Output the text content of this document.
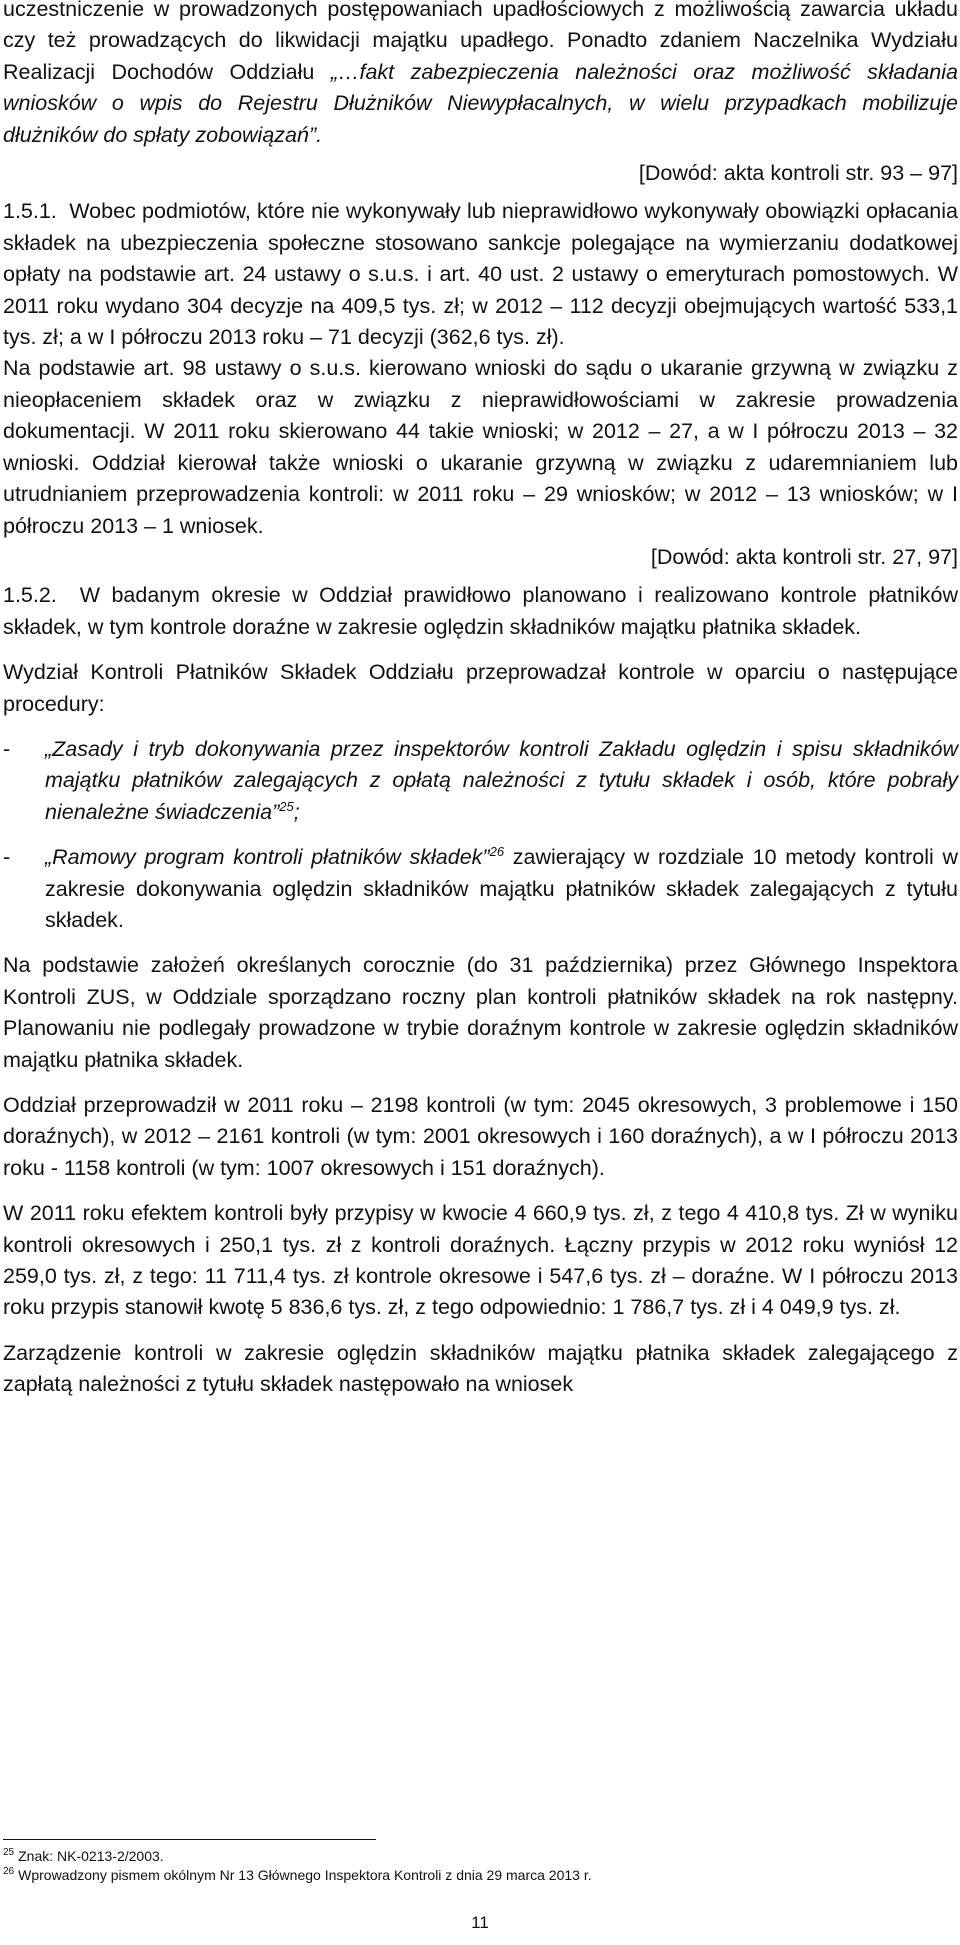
uczestniczenie w prowadzonych postępowaniach upadłościowych z możliwością zawarcia układu czy też prowadzących do likwidacji majątku upadłego. Ponadto zdaniem Naczelnika Wydziału Realizacji Dochodów Oddziału „…fakt zabezpieczenia należności oraz możliwość składania wniosków o wpis do Rejestru Dłużników Niewypłacalnych, w wielu przypadkach mobilizuje dłużników do spłaty zobowiązań”.

[Dowód: akta kontroli str. 93 – 97]

1.5.1. Wobec podmiotów, które nie wykonywały lub nieprawidłowo wykonywały obowiązki opłacania składek na ubezpieczenia społeczne stosowano sankcje polegające na wymierzaniu dodatkowej opłaty na podstawie art. 24 ustawy o s.u.s. i art. 40 ust. 2 ustawy o emeryturach pomostowych. W 2011 roku wydano 304 decyzje na 409,5 tys. zł; w 2012 – 112 decyzji obejmujących wartość 533,1 tys. zł; a w I półroczu 2013 roku – 71 decyzji (362,6 tys. zł).

Na podstawie art. 98 ustawy o s.u.s. kierowano wnioski do sądu o ukaranie grzywną w związku z nieopłaceniem składek oraz w związku z nieprawidłowościami w zakresie prowadzenia dokumentacji. W 2011 roku skierowano 44 takie wnioski; w 2012 – 27, a w I półroczu 2013 – 32 wnioski. Oddział kierował także wnioski o ukaranie grzywną w związku z udaremnianiem lub utrudnianiem przeprowadzenia kontroli: w 2011 roku – 29 wniosków; w 2012 – 13 wniosków; w I półroczu 2013 – 1 wniosek.

[Dowód: akta kontroli str. 27, 97]

1.5.2. W badanym okresie w Oddział prawidłowo planowano i realizowano kontrole płatników składek, w tym kontrole doraźne w zakresie oględzin składników majątku płatnika składek.

Wydział Kontroli Płatników Składek Oddziału przeprowadzał kontrole w oparciu o następujące procedury:

-	„Zasady i tryb dokonywania przez inspektorów kontroli Zakładu oględzin i spisu składników majątku płatników zalegających z opłatą należności z tytułu składek i osób, które pobrały nienależne świadczenia”$^{25}$;
-	„Ramowy program kontroli płatników składek”$^{26}$ zawierający w rozdziale 10 metody kontroli w zakresie dokonywania oględzin składników majątku płatników składek zalegających z tytułu składek.

Na podstawie założeń określanych corocznie (do 31 października) przez Głównego Inspektora Kontroli ZUS, w Oddziale sporządzano roczny plan kontroli płatników składek na rok następny. Planowaniu nie podlegały prowadzone w trybie doraźnym kontrole w zakresie oględzin składników majątku płatnika składek.

Oddział przeprowadził w 2011 roku – 2198 kontroli (w tym: 2045 okresowych, 3 problemowe i 150 doraźnych), w 2012 – 2161 kontroli (w tym: 2001 okresowych i 160 doraźnych), a w I półroczu 2013 roku - 1158 kontroli (w tym: 1007 okresowych i 151 doraźnych).

W 2011 roku efektem kontroli były przypisy w kwocie 4 660,9 tys. zł, z tego 4 410,8 tys. Zł w wyniku kontroli okresowych i 250,1 tys. zł z kontroli doraźnych. Łączny przypis w 2012 roku wyniósł 12 259,0 tys. zł, z tego: 11 711,4 tys. zł kontrole okresowe i 547,6 tys. zł – doraźne. W I półroczu 2013 roku przypis stanowił kwotę 5 836,6 tys. zł, z tego odpowiednio: 1 786,7 tys. zł i 4 049,9 tys. zł.

Zarządzenie kontroli w zakresie oględzin składników majątku płatnika składek zalegającego z zapłatą należności z tytułu składek następowało na wniosek

$^{25}$ Znak: NK-0213-2/2003.

$^{26}$ Wprowadzony pismem okólnym Nr 13 Głównego Inspektora Kontroli z dnia 29 marca 2013 r.

11
